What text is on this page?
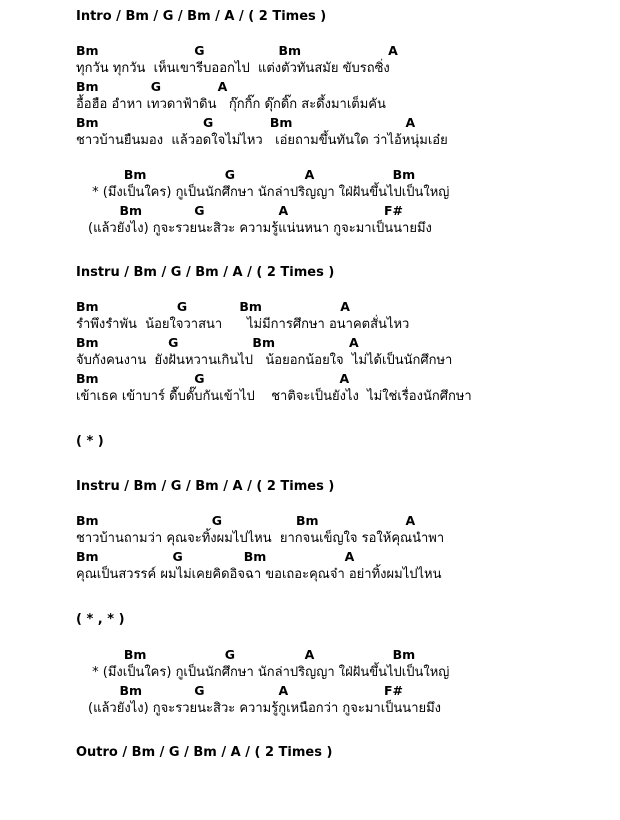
Intro / Bm / G / Bm / A / ( 2 Times )
Bm                      G                 Bm                    A
ทุกวัน ทุกวัน  เห็นเขารีบออกไป  แต่งตัวทันสมัย ขับรถซิ่ง
Bm            G             A
อื้อฮือ อำหา เทวดาฟ้าดิน   กุ๊กกิ๊ก ดุ๊กดิ๊ก สะดึ้งมาเต็มคัน
Bm                        G             Bm                          A
ชาวบ้านยืนมอง  แล้วอดใจไม่ไหว   เอ่ยถามขึ้นทันใด ว่าไอ้หนุ่มเอ๋ย
Bm                  G                A                  Bm
* (มึงเป็นใคร) กูเป็นนักศึกษา นักล่าปริญญา ใฝ่ฝันขึ้นไปเป็นใหญ่
Bm            G                 A                      F#
(แล้วยังไง) กูจะรวยนะสิวะ ความรู้แน่นหนา กูจะมาเป็นนายมึง
Instru / Bm / G / Bm / A / ( 2 Times )
Bm                  G            Bm                  A
รำพึงรำพัน  น้อยใจวาสนา      ไม่มีการศึกษา อนาคตสั่นไหว
Bm                G                 Bm                 A
จับกังคนงาน  ยังฝันหวานเกินไป   น้อยอกน้อยใจ  ไม่ได้เป็นนักศึกษา
Bm                      G                               A
เข้าเธค เข้าบาร์ ดื๊บดั๊บกันเข้าไป    ชาติจะเป็นยังไง  ไม่ใช่เรื่องนักศึกษา
( * )
Instru / Bm / G / Bm / A / ( 2 Times )
Bm                          G                 Bm                    A
ชาวบ้านถามว่า คุณจะทิ้งผมไปไหน  ยากจนเข็ญใจ รอให้คุณนำพา
Bm                 G              Bm                  A
คุณเป็นสวรรค์ ผมไม่เคยคิดอิจฉา ขอเถอะคุณจ๋า อย่าทิ้งผมไปไหน
( * , * )
Bm                  G                A                  Bm
* (มึงเป็นใคร) กูเป็นนักศึกษา นักล่าปริญญา ใฝ่ฝันขึ้นไปเป็นใหญ่
Bm            G                 A                      F#
(แล้วยังไง) กูจะรวยนะสิวะ ความรู้กูเหนือกว่า กูจะมาเป็นนายมึง
Outro / Bm / G / Bm / A / ( 2 Times )
